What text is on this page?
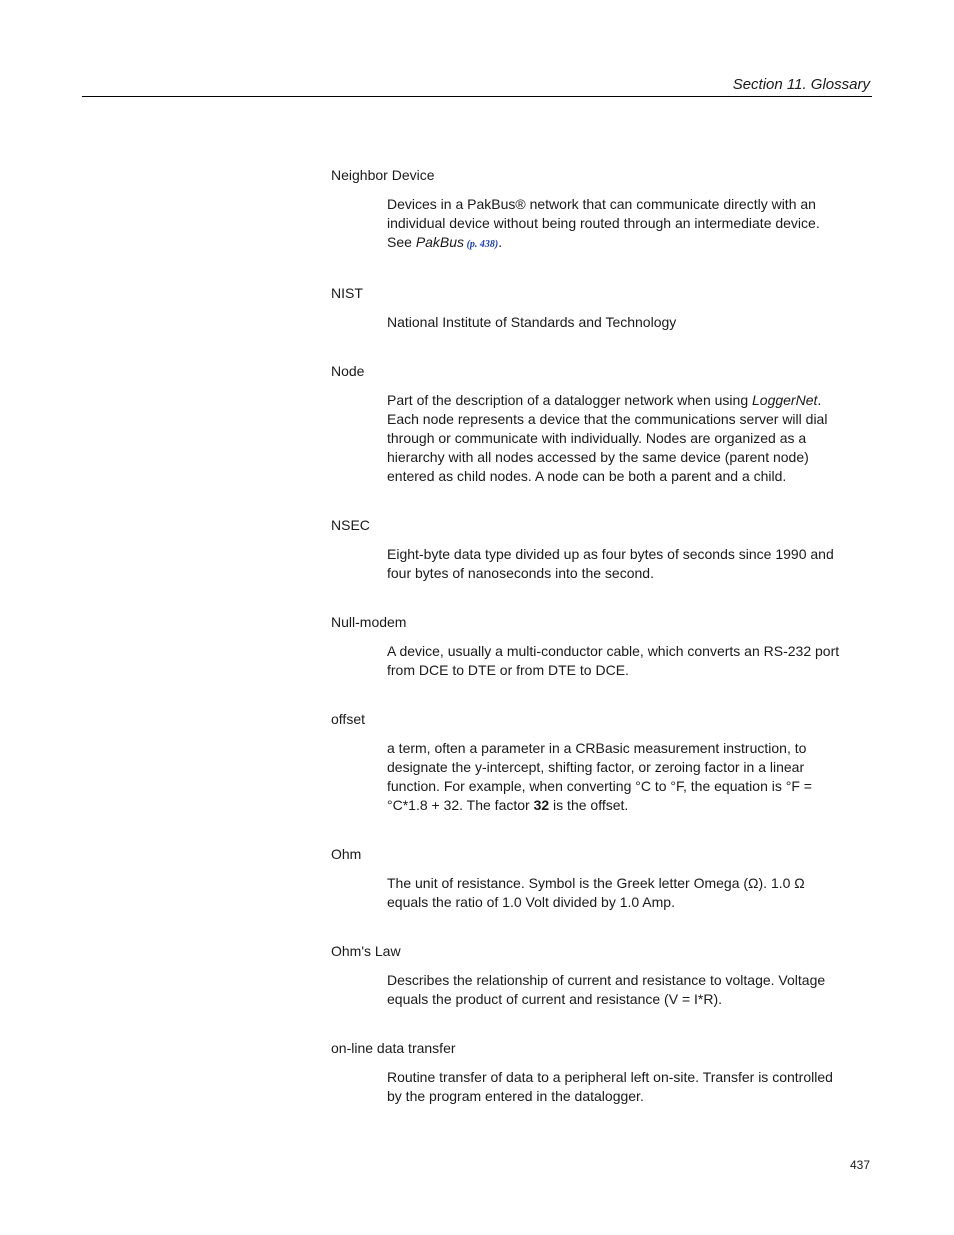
Section 11. Glossary
Neighbor Device
Devices in a PakBus® network that can communicate directly with an individual device without being routed through an intermediate device. See PakBus (p. 438).
NIST
National Institute of Standards and Technology
Node
Part of the description of a datalogger network when using LoggerNet. Each node represents a device that the communications server will dial through or communicate with individually. Nodes are organized as a hierarchy with all nodes accessed by the same device (parent node) entered as child nodes. A node can be both a parent and a child.
NSEC
Eight-byte data type divided up as four bytes of seconds since 1990 and four bytes of nanoseconds into the second.
Null-modem
A device, usually a multi-conductor cable, which converts an RS-232 port from DCE to DTE or from DTE to DCE.
offset
a term, often a parameter in a CRBasic measurement instruction, to designate the y-intercept, shifting factor, or zeroing factor in a linear function. For example, when converting °C to °F, the equation is °F = °C*1.8 + 32. The factor 32 is the offset.
Ohm
The unit of resistance. Symbol is the Greek letter Omega (Ω). 1.0 Ω equals the ratio of 1.0 Volt divided by 1.0 Amp.
Ohm's Law
Describes the relationship of current and resistance to voltage. Voltage equals the product of current and resistance (V = I*R).
on-line data transfer
Routine transfer of data to a peripheral left on-site. Transfer is controlled by the program entered in the datalogger.
437
